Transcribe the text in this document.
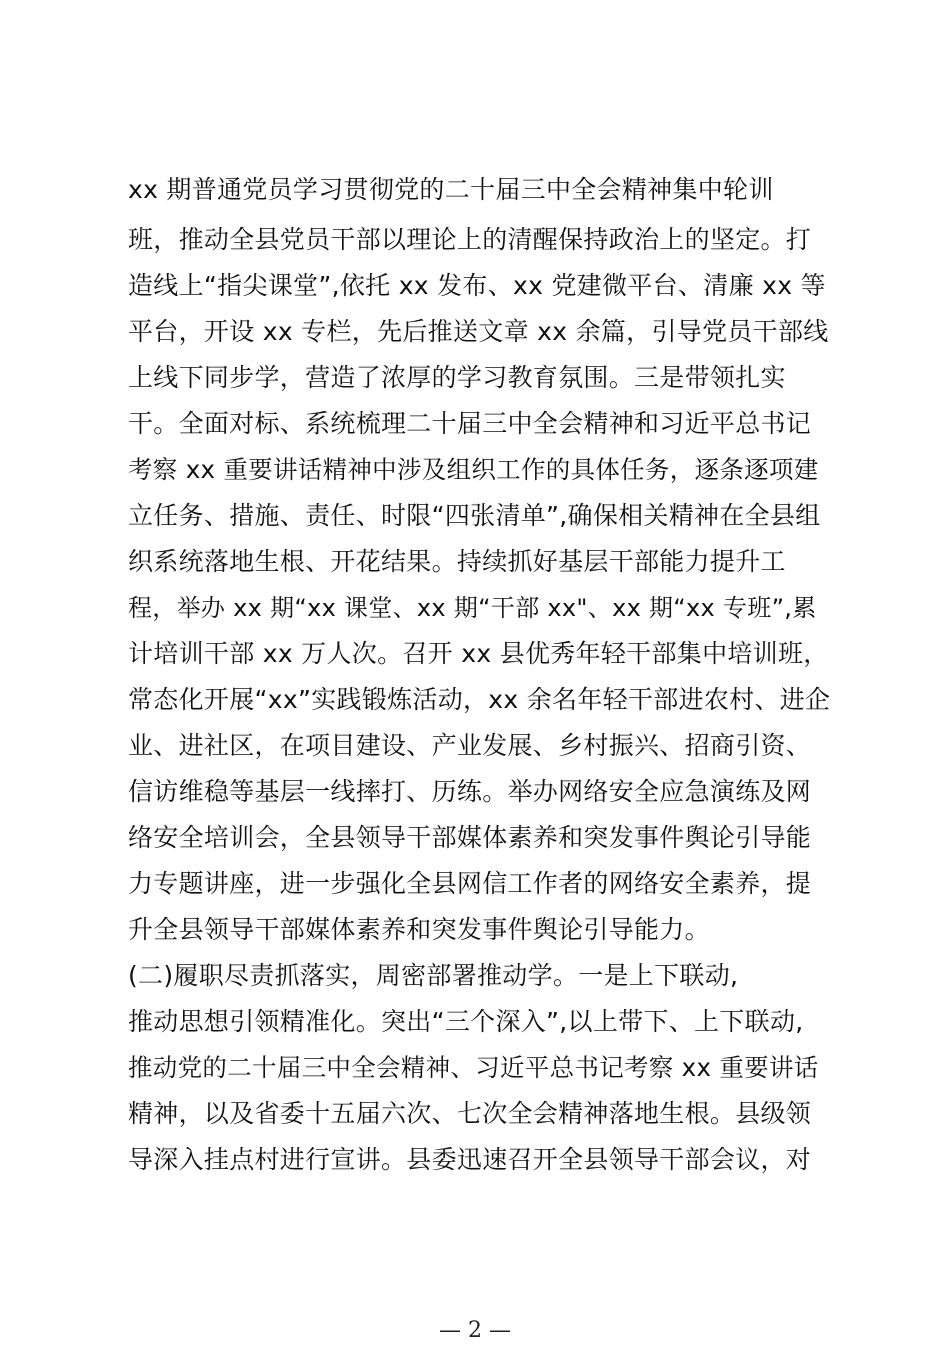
xx 期普通党员学习贯彻党的二十届三中全会精神集中轮训
班，推动全县党员干部以理论上的清醒保持政治上的坚定。打
造线上“指尖课堂”,依托 xx 发布、xx 党建微平台、清廉 xx 等
平台，开设 xx 专栏，先后推送文章 xx 余篇，引导党员干部线
上线下同步学，营造了浓厚的学习教育氛围。三是带领扎实
干。全面对标、系统梳理二十届三中全会精神和习近平总书记
考察 xx 重要讲话精神中涉及组织工作的具体任务，逐条逐项建
立任务、措施、责任、时限“四张清单”,确保相关精神在全县组
织系统落地生根、开花结果。持续抓好基层干部能力提升工
程，举办 xx 期“xx 课堂、xx 期“干部 xx"、xx 期“xx 专班”,累
计培训干部 xx 万人次。召开 xx 县优秀年轻干部集中培训班，
常态化开展“xx”实践锻炼活动，xx 余名年轻干部进农村、进企
业、进社区，在项目建设、产业发展、乡村振兴、招商引资、
信访维稳等基层一线摔打、历练。举办网络安全应急演练及网
络安全培训会，全县领导干部媒体素养和突发事件舆论引导能
力专题讲座，进一步强化全县网信工作者的网络安全素养，提
升全县领导干部媒体素养和突发事件舆论引导能力。
(二)履职尽责抓落实，周密部署推动学。一是上下联动,
推动思想引领精准化。突出“三个深入”,以上带下、上下联动,
推动党的二十届三中全会精神、习近平总书记考察 xx 重要讲话
精神，以及省委十五届六次、七次全会精神落地生根。县级领
导深入挂点村进行宣讲。县委迅速召开全县领导干部会议，对
— 2 —
